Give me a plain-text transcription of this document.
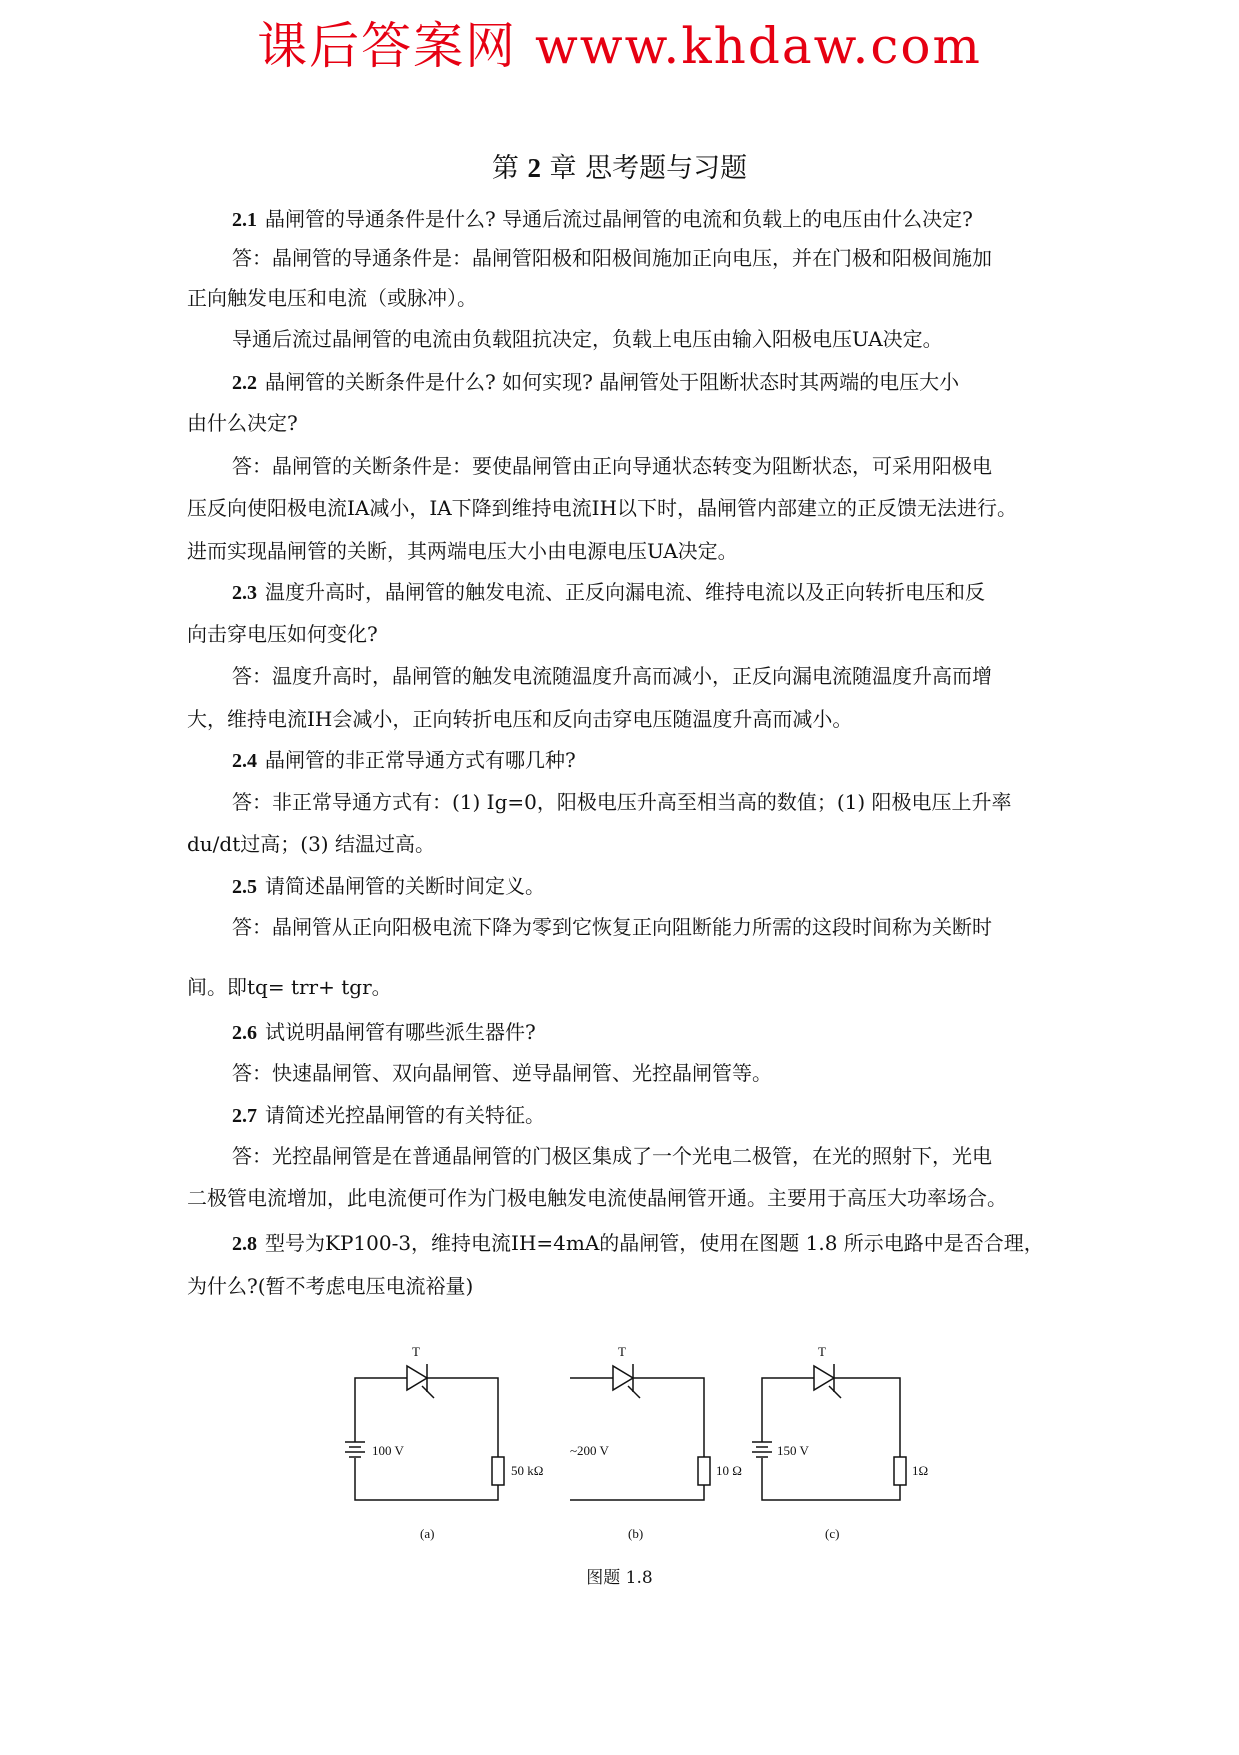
课后答案网 www.khdaw.com
第 2 章 思考题与习题
2.1 晶闸管的导通条件是什么? 导通后流过晶闸管的电流和负载上的电压由什么决定?
答：晶闸管的导通条件是：晶闸管阳极和阳极间施加正向电压，并在门极和阳极间施加
正向触发电压和电流（或脉冲）。
导通后流过晶闸管的电流由负载阻抗决定，负载上电压由输入阳极电压UA决定。
2.2 晶闸管的关断条件是什么? 如何实现? 晶闸管处于阻断状态时其两端的电压大小
由什么决定?
答：晶闸管的关断条件是：要使晶闸管由正向导通状态转变为阻断状态，可采用阳极电
压反向使阳极电流IA减小，IA下降到维持电流IH以下时，晶闸管内部建立的正反馈无法进行。
进而实现晶闸管的关断，其两端电压大小由电源电压UA决定。
2.3 温度升高时，晶闸管的触发电流、正反向漏电流、维持电流以及正向转折电压和反
向击穿电压如何变化?
答：温度升高时，晶闸管的触发电流随温度升高而减小，正反向漏电流随温度升高而增
大，维持电流IH会减小，正向转折电压和反向击穿电压随温度升高而减小。
2.4 晶闸管的非正常导通方式有哪几种?
答：非正常导通方式有：(1) Ig=0，阳极电压升高至相当高的数值；(1) 阳极电压上升率
du/dt过高；(3) 结温过高。
2.5 请简述晶闸管的关断时间定义。
答：晶闸管从正向阳极电流下降为零到它恢复正向阻断能力所需的这段时间称为关断时
间。即tq= trr+ tgr。
2.6 试说明晶闸管有哪些派生器件?
答：快速晶闸管、双向晶闸管、逆导晶闸管、光控晶闸管等。
2.7 请简述光控晶闸管的有关特征。
答：光控晶闸管是在普通晶闸管的门极区集成了一个光电二极管，在光的照射下，光电
二极管电流增加，此电流便可作为门极电触发电流使晶闸管开通。主要用于高压大功率场合。
2.8 型号为KP100-3，维持电流IH=4mA的晶闸管，使用在图题 1.8 所示电路中是否合理，
为什么?(暂不考虑电压电流裕量)
T
100 V
50 kΩ
(a)
T
~200 V
10 Ω
(b)
T
150 V
1Ω
(c)
图题 1.8
